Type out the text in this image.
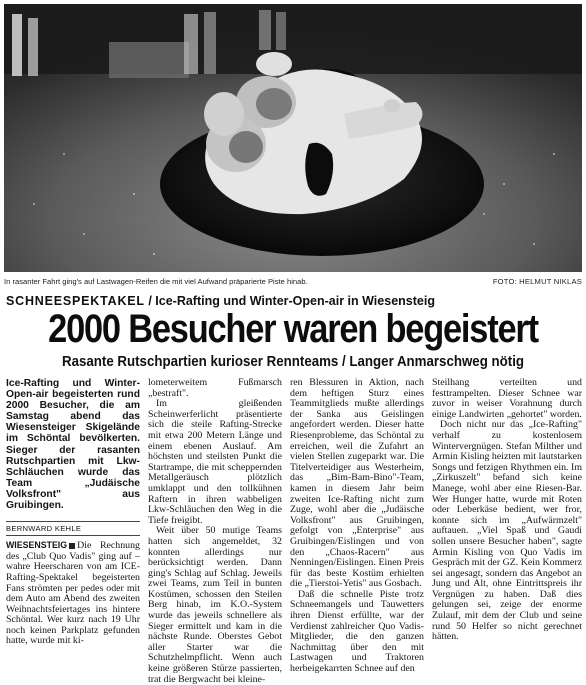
In rasanter Fahrt ging's auf Lastwagen-Reifen die mit viel Aufwand präparierte Piste hinab.	FOTO: HELMUT NIKLAS
SCHNEESPEKTAKEL / Ice-Rafting und Winter-Open-air in Wiesensteig
2000 Besucher waren begeistert
Rasante Rutschpartien kurioser Rennteams / Langer Anmarschweg nötig

Ice-Rafting und Winter-Open-air begeisterten rund 2000 Besucher, die am Samstag abend das Wiesensteiger Skigelände im Schöntal bevölkerten. Sieger der rasanten Rutschpartien mit Lkw-Schläuchen wurde das Team „Judäische Volksfront" aus Gruibingen.

BERNWARD KEHLE

WIESENSTEIG Die Rechnung des „Club Quo Vadis" ging auf – wahre Heerscharen von am ICE-Rafting-Spektakel begeisterten Fans strömten per pedes oder mit dem Auto am Abend des zweiten Weihnachtsfeiertages ins hintere Schöntal. Wer kurz nach 19 Uhr noch keinen Parkplatz gefunden hatte, wurde mit ki-

lometerweitem Fußmarsch „bestraft".

Im gleißenden Scheinwerferlicht präsentierte sich die steile Rafting-Strecke mit etwa 200 Metern Länge und einem ebenen Auslauf. Am höchsten und steilsten Punkt die Startrampe, die mit scheppernden Metallgeräusch plötzlich umklappt und den tollkühnen Raftern in ihren wabbeligen Lkw-Schläuchen den Weg in die Tiefe freigibt.

Weit über 50 mutige Teams hatten sich angemeldet, 32 konnten allerdings nur berücksichtigt werden. Dann ging's Schlag auf Schlag. Jeweils zwei Teams, zum Teil in bunten Kostümen, schossen den Steilen Berg hinab, im K.O.-System wurde das jeweils schnellere als Sieger ermittelt und kam in die nächste Runde. Oberstes Gebot aller Starter war die Schutzhelmpflicht. Wenn auch keine größeren Stürze passierten, trat die Bergwacht bei kleine-

ren Blessuren in Aktion, nach dem heftigen Sturz eines Teammitglieds mußte allerdings der Sanka aus Geislingen angefordert werden. Dieser hatte Riesenprobleme, das Schöntal zu erreichen, weil die Zufahrt an vielen Stellen zugeparkt war. Die Titelverteidiger aus Westerheim, das „Bim-Bam-Bino"-Team, kamen in diesem Jahr beim zweiten Ice-Rafting nicht zum Zuge, wohl aber die „Judäische Volksfront" aus Gruibingen, gefolgt von „Enterprise" aus Gruibingen/Eislingen und von den „Chaos-Racern" aus Nenningen/Eislingen. Einen Preis für das beste Kostüm erhielten die „Tierstoi-Yetis" aus Gosbach.

Daß die schnelle Piste trotz Schneemangels und Tauwetters ihren Dienst erfüllte, war der Verdienst zahlreicher Quo Vadis-Mitglieder, die den ganzen Nachmittag über den mit Lastwagen und Traktoren herbeigekarrten Schnee auf den

Steilhang verteilten und festtrampelten. Dieser Schnee war zuvor in weiser Vorahnung durch einige Landwirten „gehortet" worden.

Doch nicht nur das „Ice-Rafting" verhalf zu kostenlosem Wintervergnügen. Stefan Milther und Armin Kisling heizten mit lautstarken Songs und fetzigen Rhythmen ein. Im „Zirkuszelt" befand sich keine Manege, wohl aber eine Riesen-Bar. Wer Hunger hatte, wurde mit Roten oder Leberkäse bedient, wer fror, konnte sich im „Aufwärmzelt" auftauen. „Viel Spaß und Gaudi sollen unsere Besucher haben", sagte Armin Kisling von Quo Vadis im Gespräch mit der GZ. Kein Kommerz sei angesagt, sondern das Angebot an Jung und Alt, ohne Eintrittspreis ihr Vergnügen zu haben. Daß dies gelungen sei, zeige der enorme Zulauf, mit dem der Club und seine rund 50 Helfer so nicht gerechnet hätten.
